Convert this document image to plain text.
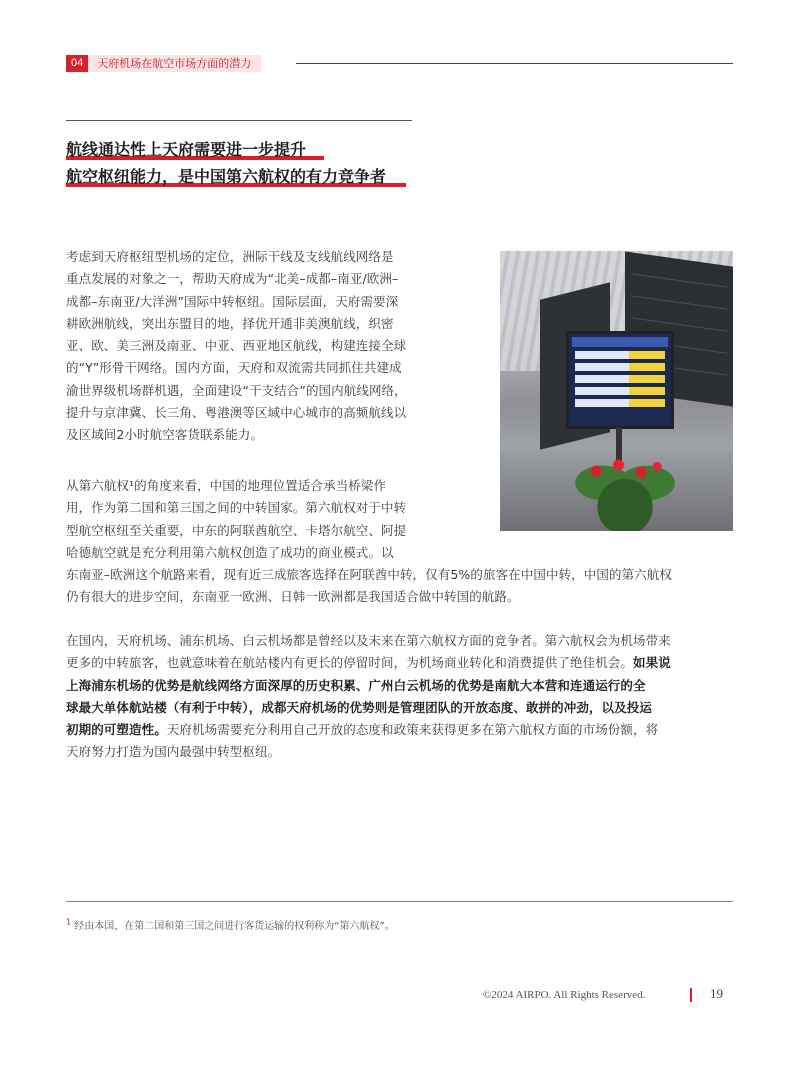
04	天府机场在航空市场方面的潜力
航线通达性上天府需要进一步提升
航空枢纽能力，是中国第六航权的有力竞争者
考虑到天府枢纽型机场的定位，洲际干线及支线航线网络是
重点发展的对象之一，帮助天府成为“北美–成都–南亚/欧洲–
成都–东南亚/大洋洲”国际中转枢纽。国际层面，天府需要深
耕欧洲航线，突出东盟目的地，择优开通非美澳航线，织密
亚、欧、美三洲及南亚、中亚、西亚地区航线，构建连接全球
的“Y”形骨干网络。国内方面，天府和双流需共同抓住共建成
渝世界级机场群机遇，全面建设“干支结合”的国内航线网络，
提升与京津冀、长三角、粤港澳等区域中心城市的高频航线以
及区域间2小时航空客货联系能力。
从第六航权¹的角度来看，中国的地理位置适合承当桥梁作
用，作为第二国和第三国之间的中转国家。第六航权对于中转
型航空枢纽至关重要，中东的阿联酋航空、卡塔尔航空、阿提
哈德航空就是充分利用第六航权创造了成功的商业模式。以
东南亚–欧洲这个航路来看，现有近三成旅客选择在阿联酋中转，仅有5%的旅客在中国中转，中国的第六航权
仍有很大的进步空间，东南亚一欧洲、日韩一欧洲都是我国适合做中转国的航路。
在国内，天府机场、浦东机场、白云机场都是曾经以及未来在第六航权方面的竞争者。第六航权会为机场带来
更多的中转旅客，也就意味着在航站楼内有更长的停留时间，为机场商业转化和消费提供了绝佳机会。如果说
上海浦东机场的优势是航线网络方面深厚的历史积累、广州白云机场的优势是南航大本营和连通运行的全
球最大单体航站楼（有利于中转），成都天府机场的优势则是管理团队的开放态度、敢拼的冲劲，以及投运
初期的可塑造性。天府机场需要充分利用自己开放的态度和政策来获得更多在第六航权方面的市场份额，将
天府努力打造为国内最强中转型枢纽。
$^1$ 经由本国，在第二国和第三国之间进行客货运输的权利称为“第六航权”。
©2024 AIRPO. All Rights Reserved.	19
